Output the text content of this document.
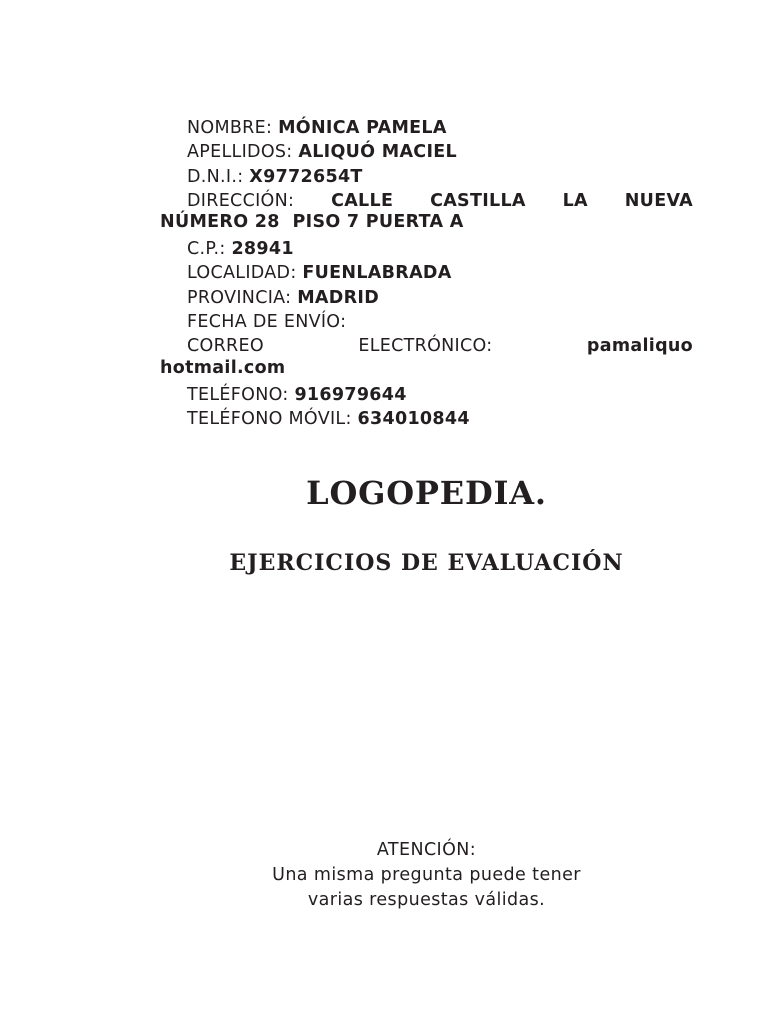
NOMBRE: MÓNICA PAMELA
APELLIDOS: ALIQUÓ MACIEL
D.N.I.: X9772654T
DIRECCIÓN: CALLE CASTILLA LA NUEVA
NÚMERO 28  PISO 7 PUERTA A
C.P.: 28941
LOCALIDAD: FUENLABRADA
PROVINCIA: MADRID
FECHA DE ENVÍO:
CORREO	ELECTRÓNICO:	pamaliquo
hotmail.com
TELÉFONO: 916979644
TELÉFONO MÓVIL: 634010844
LOGOPEDIA.
EJERCICIOS DE EVALUACIÓN
ATENCIÓN:
Una misma pregunta puede tener
varias respuestas válidas.
